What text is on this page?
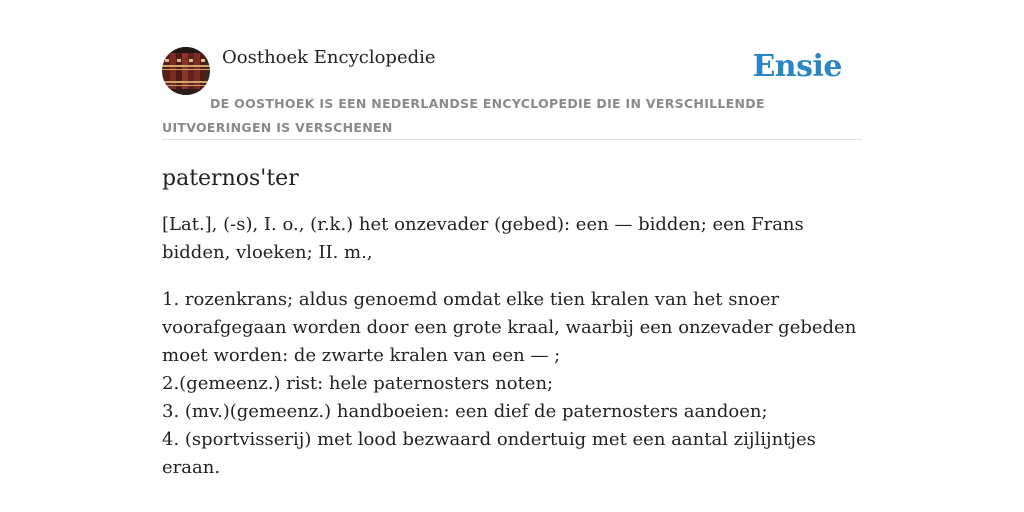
Oosthoek Encyclopedie	Ensie
DE OOSTHOEK IS EEN NEDERLANDSE ENCYCLOPEDIE DIE IN VERSCHILLENDE UITVOERINGEN IS VERSCHENEN
paternos'ter

[Lat.], (-s), I. o., (r.k.) het onzevader (gebed): een — bidden; een Frans bidden, vloeken; II. m.,

1. rozenkrans; aldus genoemd omdat elke tien kralen van het snoer voorafgegaan worden door een grote kraal, waarbij een onzevader gebeden moet worden: de zwarte kralen van een — ;
2.(gemeenz.) rist: hele paternosters noten;
3. (mv.)(gemeenz.) handboeien: een dief de paternosters aandoen;
4. (sportvisserij) met lood bezwaard ondertuig met een aantal zijlijntjes eraan.
